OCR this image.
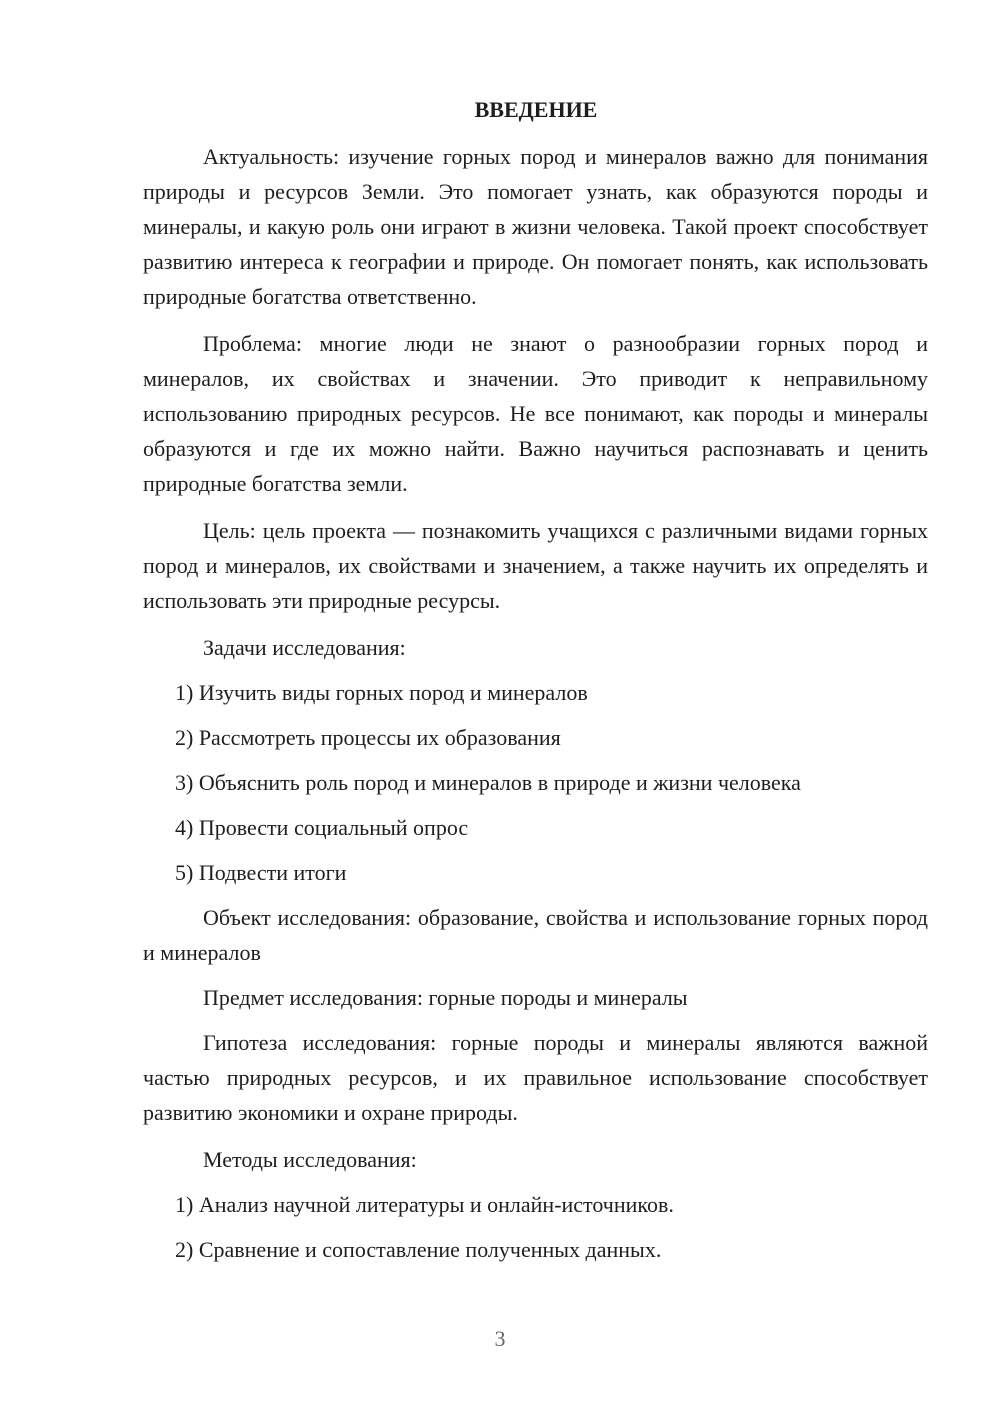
ВВЕДЕНИЕ

Актуальность: изучение горных пород и минералов важно для понимания природы и ресурсов Земли. Это помогает узнать, как образуются породы и минералы, и какую роль они играют в жизни человека. Такой проект способствует развитию интереса к географии и природе. Он помогает понять, как использовать природные богатства ответственно.

Проблема: многие люди не знают о разнообразии горных пород и минералов, их свойствах и значении. Это приводит к неправильному использованию природных ресурсов. Не все понимают, как породы и минералы образуются и где их можно найти. Важно научиться распознавать и ценить природные богатства земли.

Цель: цель проекта — познакомить учащихся с различными видами горных пород и минералов, их свойствами и значением, а также научить их определять и использовать эти природные ресурсы.

Задачи исследования:

1) Изучить виды горных пород и минералов

2) Рассмотреть процессы их образования

3) Объяснить роль пород и минералов в природе и жизни человека

4) Провести социальный опрос

5) Подвести итоги

Объект исследования: образование, свойства и использование горных пород и минералов

Предмет исследования: горные породы и минералы

Гипотеза исследования: горные породы и минералы являются важной частью природных ресурсов, и их правильное использование способствует развитию экономики и охране природы.

Методы исследования:

1) Анализ научной литературы и онлайн-источников.

2) Сравнение и сопоставление полученных данных.

3
